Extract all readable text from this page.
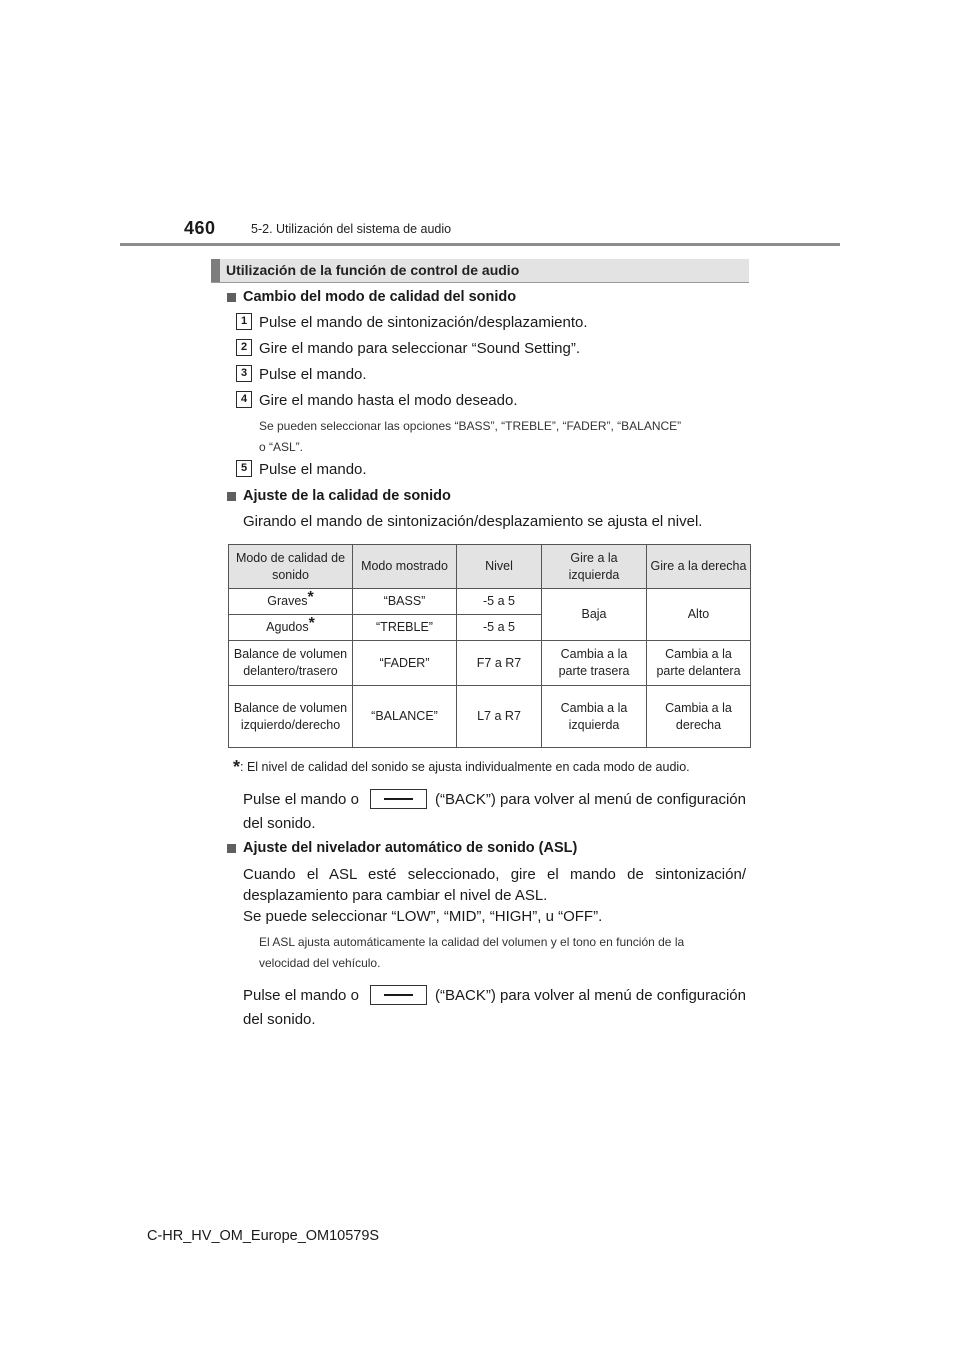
460	5-2. Utilización del sistema de audio
Utilización de la función de control de audio
Cambio del modo de calidad del sonido
1 Pulse el mando de sintonización/desplazamiento.
2 Gire el mando para seleccionar “Sound Setting”.
3 Pulse el mando.
4 Gire el mando hasta el modo deseado.
Se pueden seleccionar las opciones “BASS”, “TREBLE”, “FADER”, “BALANCE”
o “ASL”.
5 Pulse el mando.
Ajuste de la calidad de sonido
Girando el mando de sintonización/desplazamiento se ajusta el nivel.
Modo de calidad de sonido	Modo mostrado	Nivel	Gire a la izquierda	Gire a la derecha
Graves*	“BASS”	-5 a 5	Baja	Alto
Agudos*	“TREBLE”	-5 a 5		
Balance de volumen delantero/trasero	“FADER”	F7 a R7	Cambia a la parte trasera	Cambia a la parte delantera
Balance de volumen izquierdo/derecho	“BALANCE”	L7 a R7	Cambia a la izquierda	Cambia a la derecha
*: El nivel de calidad del sonido se ajusta individualmente en cada modo de audio.
Pulse el mando o	(“BACK”) para volver al menú de configuración
del sonido.
Ajuste del nivelador automático de sonido (ASL)
Cuando el ASL esté seleccionado, gire el mando de sintonización/
desplazamiento para cambiar el nivel de ASL.
Se puede seleccionar “LOW”, “MID”, “HIGH”, u “OFF”.
El ASL ajusta automáticamente la calidad del volumen y el tono en función de la
velocidad del vehículo.
Pulse el mando o	(“BACK”) para volver al menú de configuración
del sonido.
C-HR_HV_OM_Europe_OM10579S
